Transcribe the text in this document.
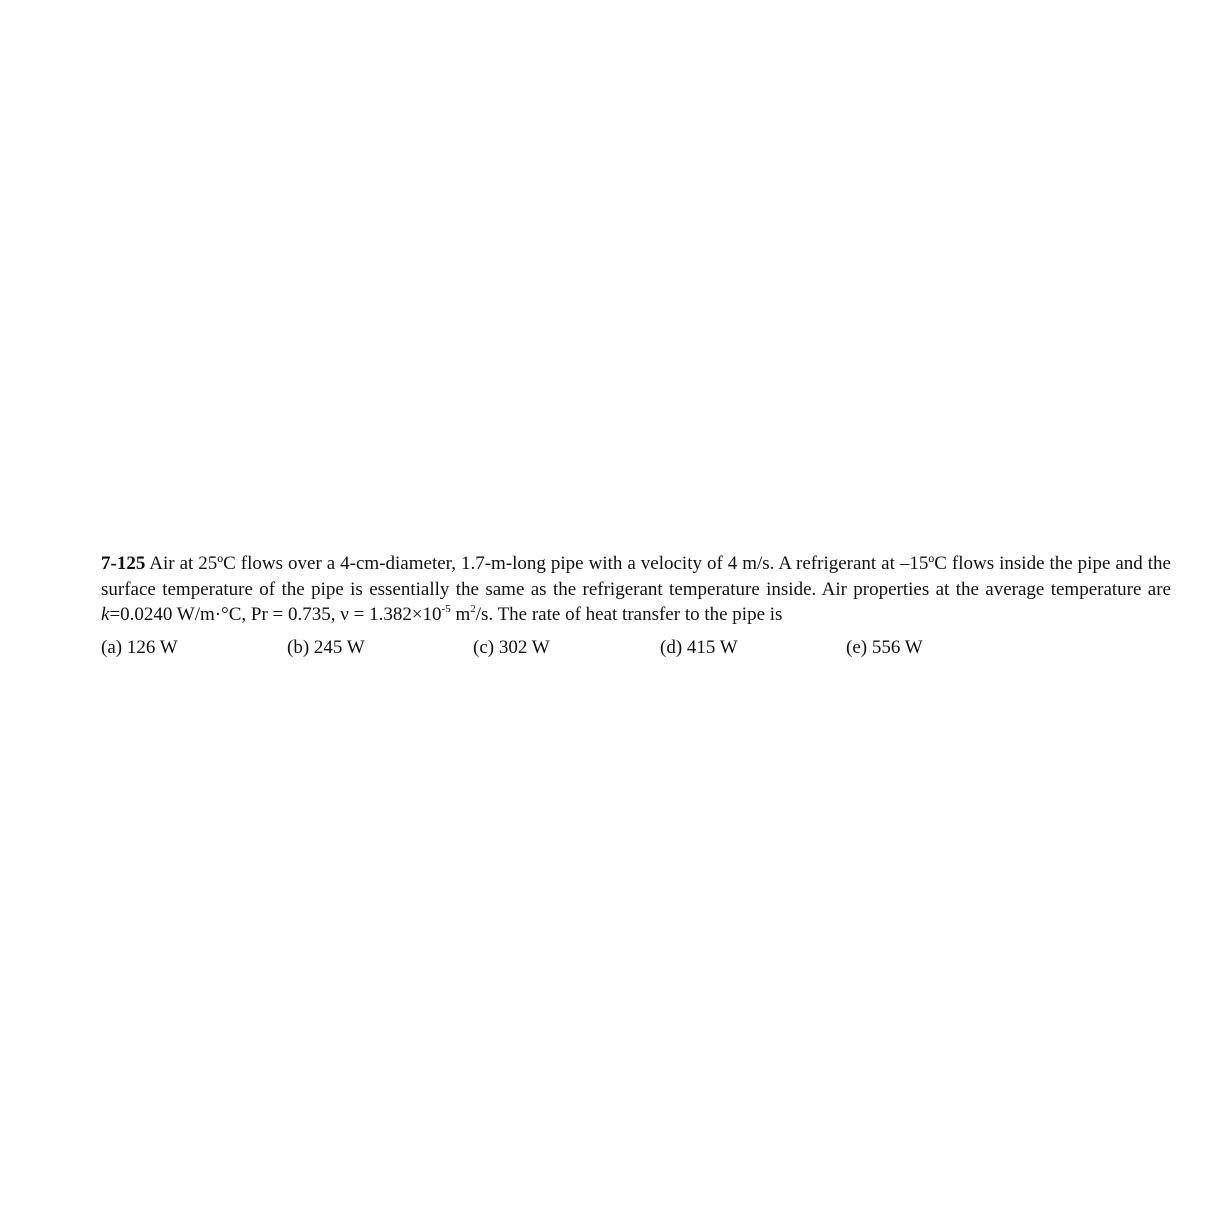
7-125 Air at 25ºC flows over a 4-cm-diameter, 1.7-m-long pipe with a velocity of 4 m/s. A refrigerant at –15ºC flows inside the pipe and the surface temperature of the pipe is essentially the same as the refrigerant temperature inside. Air properties at the average temperature are k=0.0240 W/m·°C, Pr = 0.735, $\nu = 1.382\times 10^{-5}$ $m^2/s$. The rate of heat transfer to the pipe is

(a) 126 W	(b) 245 W	(c) 302 W	(d) 415 W	(e) 556 W
